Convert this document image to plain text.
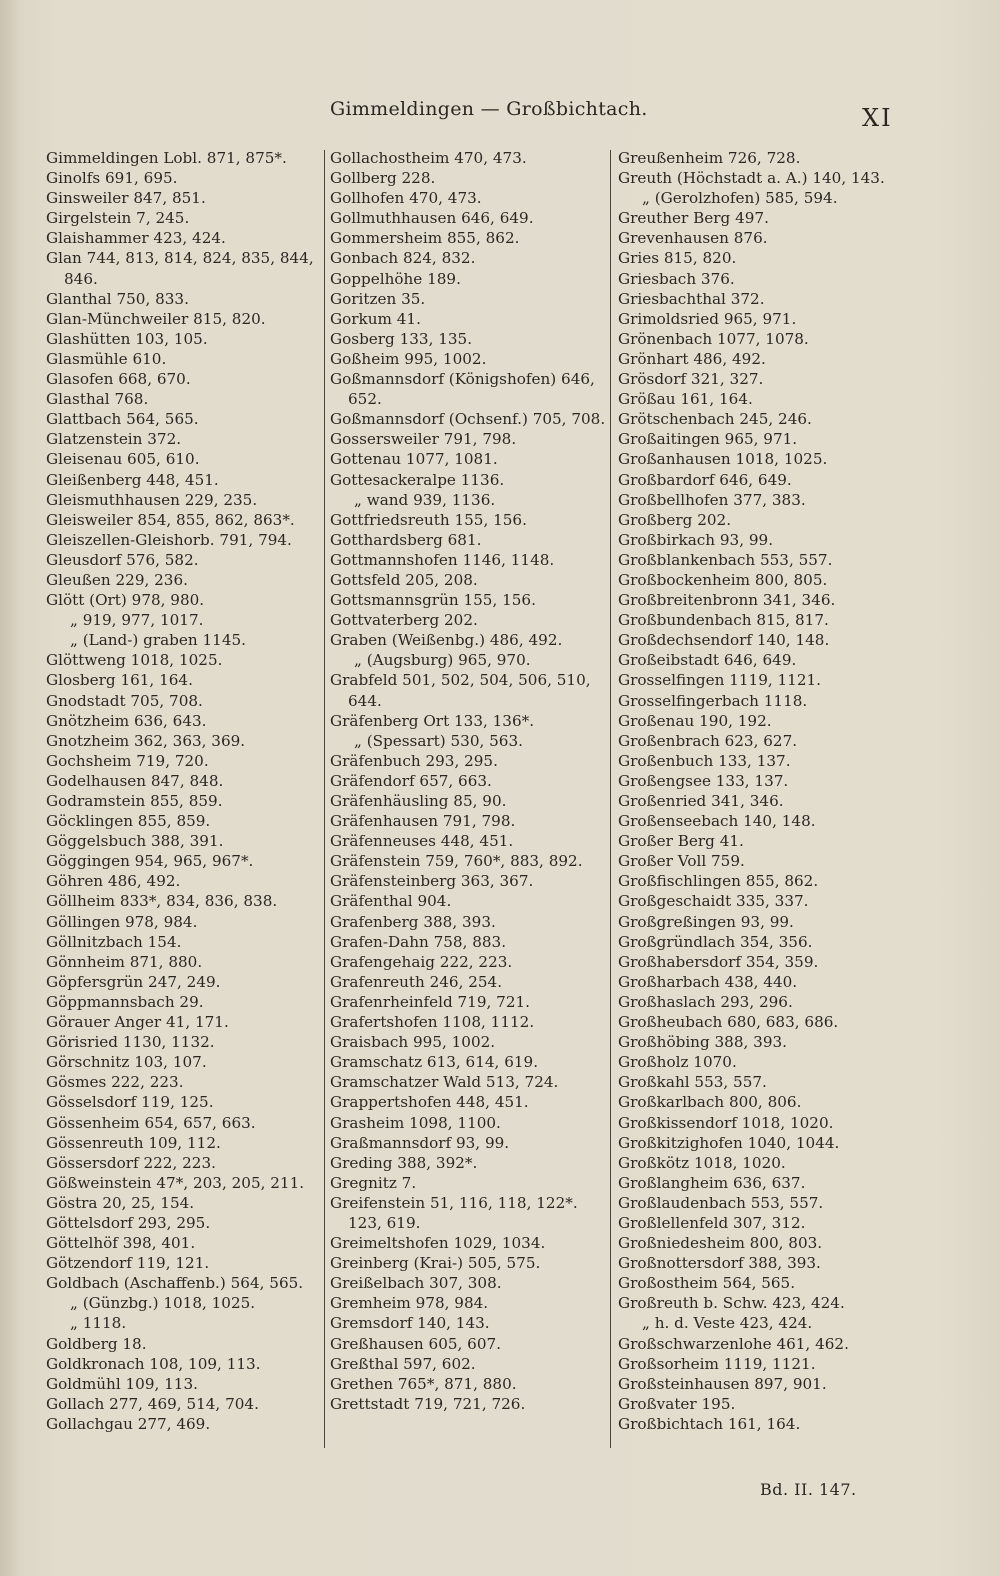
Gimmeldingen — Großbichtach.	XI
Gimmeldingen Lobl. 871, 875*.
Ginolfs 691, 695.
Ginsweiler 847, 851.
Girgelstein 7, 245.
Glaishammer 423, 424.
Glan 744, 813, 814, 824, 835, 844, 846.
Glanthal 750, 833.
Glan-Münchweiler 815, 820.
Glashütten 103, 105.
Glasmühle 610.
Glasofen 668, 670.
Glasthal 768.
Glattbach 564, 565.
Glatzenstein 372.
Gleisenau 605, 610.
Gleißenberg 448, 451.
Gleismuthhausen 229, 235.
Gleisweiler 854, 855, 862, 863*.
Gleiszellen-Gleishorb. 791, 794.
Gleusdorf 576, 582.
Gleußen 229, 236.
Glött (Ort) 978, 980.
„ 919, 977, 1017.
„ (Land-) graben 1145.
Glöttweng 1018, 1025.
Glosberg 161, 164.
Gnodstadt 705, 708.
Gnötzheim 636, 643.
Gnotzheim 362, 363, 369.
Gochsheim 719, 720.
Godelhausen 847, 848.
Godramstein 855, 859.
Göcklingen 855, 859.
Göggelsbuch 388, 391.
Göggingen 954, 965, 967*.
Göhren 486, 492.
Göllheim 833*, 834, 836, 838.
Göllingen 978, 984.
Göllnitzbach 154.
Gönnheim 871, 880.
Göpfersgrün 247, 249.
Göppmannsbach 29.
Görauer Anger 41, 171.
Görisried 1130, 1132.
Görschnitz 103, 107.
Gösmes 222, 223.
Gösselsdorf 119, 125.
Gössenheim 654, 657, 663.
Gössenreuth 109, 112.
Gössersdorf 222, 223.
Gößweinstein 47*, 203, 205, 211.
Göstra 20, 25, 154.
Göttelsdorf 293, 295.
Göttelhöf 398, 401.
Götzendorf 119, 121.
Goldbach (Aschaffenb.) 564, 565.
„ (Günzbg.) 1018, 1025.
„ 1118.
Goldberg 18.
Goldkronach 108, 109, 113.
Goldmühl 109, 113.
Gollach 277, 469, 514, 704.
Gollachgau 277, 469.
Gollachostheim 470, 473.
Gollberg 228.
Gollhofen 470, 473.
Gollmuthhausen 646, 649.
Gommersheim 855, 862.
Gonbach 824, 832.
Goppelhöhe 189.
Goritzen 35.
Gorkum 41.
Gosberg 133, 135.
Goßheim 995, 1002.
Goßmannsdorf (Königshofen) 646, 652.
Goßmannsdorf (Ochsenf.) 705, 708.
Gossersweiler 791, 798.
Gottenau 1077, 1081.
Gottesackeralpe 1136.
„ wand 939, 1136.
Gottfriedsreuth 155, 156.
Gotthardsberg 681.
Gottmannshofen 1146, 1148.
Gottsfeld 205, 208.
Gottsmannsgrün 155, 156.
Gottvaterberg 202.
Graben (Weißenbg.) 486, 492.
„ (Augsburg) 965, 970.
Grabfeld 501, 502, 504, 506, 510, 644.
Gräfenberg Ort 133, 136*.
„ (Spessart) 530, 563.
Gräfenbuch 293, 295.
Gräfendorf 657, 663.
Gräfenhäusling 85, 90.
Gräfenhausen 791, 798.
Gräfenneuses 448, 451.
Gräfenstein 759, 760*, 883, 892.
Gräfensteinberg 363, 367.
Gräfenthal 904.
Grafenberg 388, 393.
Grafen-Dahn 758, 883.
Grafengehaig 222, 223.
Grafenreuth 246, 254.
Grafenrheinfeld 719, 721.
Grafertshofen 1108, 1112.
Graisbach 995, 1002.
Gramschatz 613, 614, 619.
Gramschatzer Wald 513, 724.
Grappertshofen 448, 451.
Grasheim 1098, 1100.
Graßmannsdorf 93, 99.
Greding 388, 392*.
Gregnitz 7.
Greifenstein 51, 116, 118, 122*. 123, 619.
Greimeltshofen 1029, 1034.
Greinberg (Krai-) 505, 575.
Greißelbach 307, 308.
Gremheim 978, 984.
Gremsdorf 140, 143.
Greßhausen 605, 607.
Greßthal 597, 602.
Grethen 765*, 871, 880.
Grettstadt 719, 721, 726.
Greußenheim 726, 728.
Greuth (Höchstadt a. A.) 140, 143.
„ (Gerolzhofen) 585, 594.
Greuther Berg 497.
Grevenhausen 876.
Gries 815, 820.
Griesbach 376.
Griesbachthal 372.
Grimoldsried 965, 971.
Grönenbach 1077, 1078.
Grönhart 486, 492.
Grösdorf 321, 327.
Größau 161, 164.
Grötschenbach 245, 246.
Großaitingen 965, 971.
Großanhausen 1018, 1025.
Großbardorf 646, 649.
Großbellhofen 377, 383.
Großberg 202.
Großbirkach 93, 99.
Großblankenbach 553, 557.
Großbockenheim 800, 805.
Großbreitenbronn 341, 346.
Großbundenbach 815, 817.
Großdechsendorf 140, 148.
Großeibstadt 646, 649.
Grosselfingen 1119, 1121.
Grosselfingerbach 1118.
Großenau 190, 192.
Großenbrach 623, 627.
Großenbuch 133, 137.
Großengsee 133, 137.
Großenried 341, 346.
Großenseebach 140, 148.
Großer Berg 41.
Großer Voll 759.
Großfischlingen 855, 862.
Großgeschaidt 335, 337.
Großgreßingen 93, 99.
Großgründlach 354, 356.
Großhabersdorf 354, 359.
Großharbach 438, 440.
Großhaslach 293, 296.
Großheubach 680, 683, 686.
Großhöbing 388, 393.
Großholz 1070.
Großkahl 553, 557.
Großkarlbach 800, 806.
Großkissendorf 1018, 1020.
Großkitzighofen 1040, 1044.
Großkötz 1018, 1020.
Großlangheim 636, 637.
Großlaudenbach 553, 557.
Großlellenfeld 307, 312.
Großniedesheim 800, 803.
Großnottersdorf 388, 393.
Großostheim 564, 565.
Großreuth b. Schw. 423, 424.
„ h. d. Veste 423, 424.
Großschwarzenlohe 461, 462.
Großsorheim 1119, 1121.
Großsteinhausen 897, 901.
Großvater 195.
Großbichtach 161, 164.
Bd. II. 147.
